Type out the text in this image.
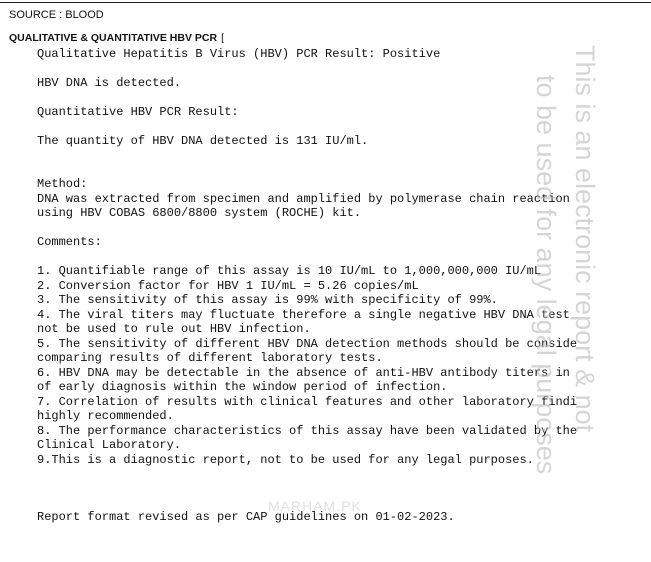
SOURCE : BLOOD
QUALITATIVE & QUANTITATIVE HBV PCR [
Qualitative Hepatitis B Virus (HBV) PCR Result: Positive
HBV DNA is detected.
Quantitative HBV PCR Result:
The quantity of HBV DNA detected is 131 IU/ml.
Method:
DNA was extracted from specimen and amplified by polymerase chain reaction
using HBV COBAS 6800/8800 system (ROCHE) kit.
Comments:
1. Quantifiable range of this assay is 10 IU/mL to 1,000,000,000 IU/mL
2. Conversion factor for HBV 1 IU/mL = 5.26 copies/mL
3. The sensitivity of this assay is 99% with specificity of 99%.
4. The viral titers may fluctuate therefore a single negative HBV DNA test
not be used to rule out HBV infection.
5. The sensitivity of different HBV DNA detection methods should be conside
comparing results of different laboratory tests.
6. HBV DNA may be detectable in the absence of anti-HBV antibody titers in
of early diagnosis within the window period of infection.
7. Correlation of results with clinical features and other laboratory findi
highly recommended.
8. The performance characteristics of this assay have been validated by the
Clinical Laboratory.
9.This is a diagnostic report, not to be used for any legal purposes.
Report format revised as per CAP guidelines on 01-02-2023.
This is an electronic report & not
to be used for any legal purposes
MARHAM.PK
